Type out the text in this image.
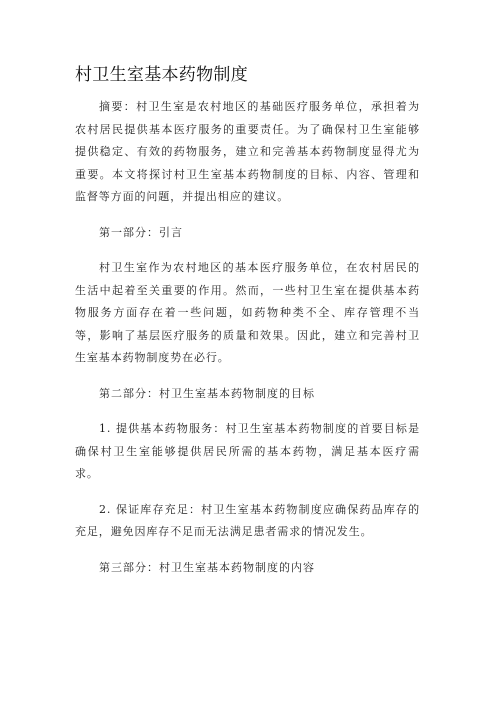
村卫生室基本药物制度

摘要：村卫生室是农村地区的基础医疗服务单位，承担着为农村居民提供基本医疗服务的重要责任。为了确保村卫生室能够提供稳定、有效的药物服务，建立和完善基本药物制度显得尤为重要。本文将探讨村卫生室基本药物制度的目标、内容、管理和监督等方面的问题，并提出相应的建议。

第一部分：引言

村卫生室作为农村地区的基本医疗服务单位，在农村居民的生活中起着至关重要的作用。然而，一些村卫生室在提供基本药物服务方面存在着一些问题，如药物种类不全、库存管理不当等，影响了基层医疗服务的质量和效果。因此，建立和完善村卫生室基本药物制度势在必行。

第二部分：村卫生室基本药物制度的目标

1. 提供基本药物服务：村卫生室基本药物制度的首要目标是确保村卫生室能够提供居民所需的基本药物，满足基本医疗需求。

2. 保证库存充足：村卫生室基本药物制度应确保药品库存的充足，避免因库存不足而无法满足患者需求的情况发生。

第三部分：村卫生室基本药物制度的内容
